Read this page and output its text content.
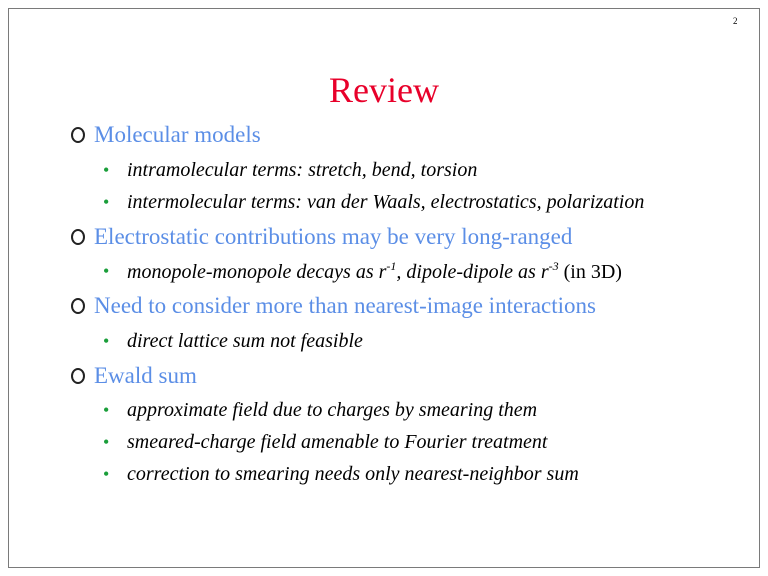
2
Review
Molecular models
• intramolecular terms: stretch, bend, torsion
• intermolecular terms: van der Waals, electrostatics, polarization
Electrostatic contributions may be very long-ranged
• monopole-monopole decays as $r^{-1}$, dipole-dipole as $r^{-3}$ (in 3D)
Need to consider more than nearest-image interactions
• direct lattice sum not feasible
Ewald sum
• approximate field due to charges by smearing them
• smeared-charge field amenable to Fourier treatment
• correction to smearing needs only nearest-neighbor sum
